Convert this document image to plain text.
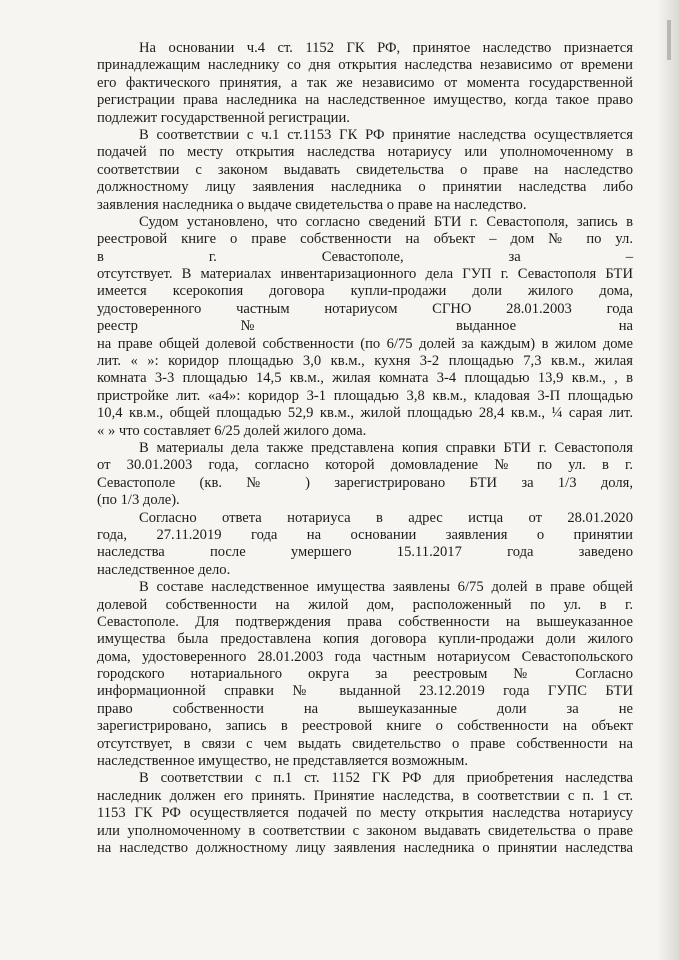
На основании ч.4 ст. 1152 ГК РФ, принятое наследство признается
принадлежащим наследнику со дня открытия наследства независимо от времени
его фактического принятия, а так же независимо от момента государственной
регистрации права наследника на наследственное имущество, когда такое право
подлежит государственной регистрации.
В соответствии с ч.1 ст.1153 ГК РФ принятие наследства осуществляется
подачей по месту открытия наследства нотариусу или уполномоченному в
соответствии с законом выдавать свидетельства о праве на наследство
должностному лицу заявления наследника о принятии наследства либо
заявления наследника о выдаче свидетельства о праве на наследство.
Судом установлено, что согласно сведений БТИ г. Севастополя, запись в
реестровой книге о праве собственности на объект – дом № по ул.
в г. Севастополе, за –
отсутствует. В материалах инвентаризационного дела ГУП г. Севастополя БТИ
имеется ксерокопия договора купли-продажи доли жилого дома,
удостоверенного частным нотариусом СГНО 28.01.2003 года
реестр № выданное на
на праве общей долевой собственности (по 6/75 долей за каждым) в жилом доме
лит. « »: коридор площадью 3,0 кв.м., кухня 3-2 площадью 7,3 кв.м., жилая
комната 3-3 площадью 14,5 кв.м., жилая комната 3-4 площадью 13,9 кв.м., , в
пристройке лит. «а4»: коридор 3-1 площадью 3,8 кв.м., кладовая 3-П площадью
10,4 кв.м., общей площадью 52,9 кв.м., жилой площадью 28,4 кв.м., ¼ сарая лит.
« » что составляет 6/25 долей жилого дома.
В материалы дела также представлена копия справки БТИ г. Севастополя
от 30.01.2003 года, согласно которой домовладение № по ул. в г.
Севастополе (кв. № ) зарегистрировано БТИ за 1/3 доля,
(по 1/3 доле).
Согласно ответа нотариуса в адрес истца от 28.01.2020
года, 27.11.2019 года на основании заявления о принятии
наследства после умершего 15.11.2017 года заведено
наследственное дело.
В составе наследственное имущества заявлены 6/75 долей в праве общей
долевой собственности на жилой дом, расположенный по ул. в г.
Севастополе. Для подтверждения права собственности на вышеуказанное
имущества была предоставлена копия договора купли-продажи доли жилого
дома, удостоверенного 28.01.2003 года частным нотариусом Севастопольского
городского нотариального округа за реестровым № Согласно
информационной справки № выданной 23.12.2019 года ГУПС БТИ
право собственности на вышеуказанные доли за не
зарегистрировано, запись в реестровой книге о собственности на объект
отсутствует, в связи с чем выдать свидетельство о праве собственности на
наследственное имущество, не представляется возможным.
В соответствии с п.1 ст. 1152 ГК РФ для приобретения наследства
наследник должен его принять. Принятие наследства, в соответствии с п. 1 ст.
1153 ГК РФ осуществляется подачей по месту открытия наследства нотариусу
или уполномоченному в соответствии с законом выдавать свидетельства о праве
на наследство должностному лицу заявления наследника о принятии наследства
